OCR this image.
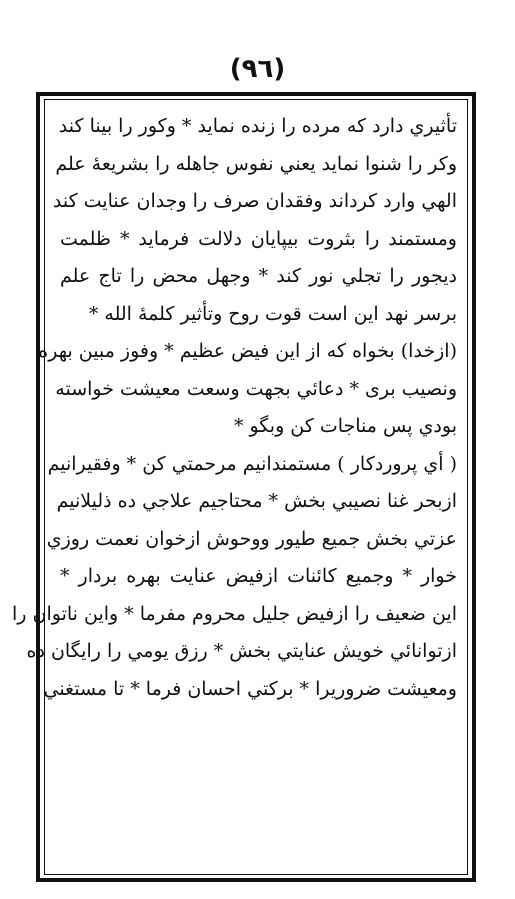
(٩٦)
تأثيري دارد که مرده را زنده نماید * وکور را بینا کند
وکر را شنوا نماید یعني نفوس جاهله را بشریعۀ علم
الهي وارد کرداند وفقدان صرف را وجدان عنایت کند
ومستمند را بثروت بیپایان دلالت فرماید * ظلمت
دیجور را تجلي نور کند * وجهل محض را تاج علم
برسر نهد این است قوت روح وتأثیر کلمۀ الله *
(ازخدا) بخواه که از این فیض عظیم * وفوز مبین بهره
ونصیب بری * دعائي بجهت وسعت معیشت خواسته
بودي پس مناجات کن وبگو *
( أي پروردکار ) مستمندانیم مرحمتي کن * وفقیرانیم
ازبحر غنا نصیبي بخش * محتاجیم علاجي ده ذلیلانیم
عزتي بخش جمیع طیور ووحوش ازخوان نعمت روزي
خوار * وجمیع کائنات ازفیض عنایت بهره بردار *
این ضعیف را ازفیض جلیل محروم مفرما * واین ناتوان را
ازتوانائي خویش عنایتي بخش * رزق یومي را رایگان ده
ومعیشت ضروریرا * برکتي احسان فرما * تا مستغني
